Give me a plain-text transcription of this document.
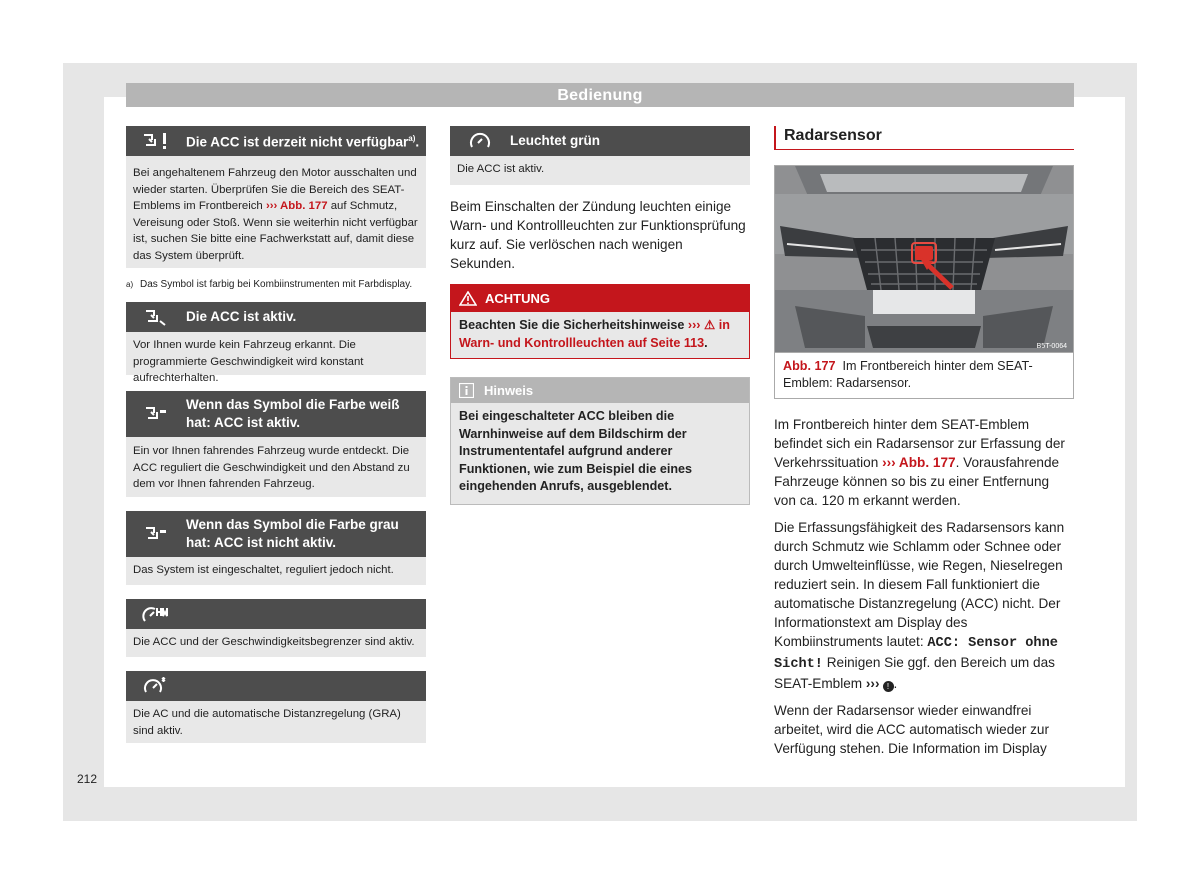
Bedienung
Die ACC ist derzeit nicht verfügbar$^{a)}$.
Bei angehaltenem Fahrzeug den Motor ausschalten und wieder starten. Überprüfen Sie die Bereich des SEAT-Emblems im Frontbereich ››› Abb. 177 auf Schmutz, Vereisung oder Stoß. Wenn sie weiterhin nicht verfügbar ist, suchen Sie bitte eine Fachwerkstatt auf, damit diese das System überprüft.
a) Das Symbol ist farbig bei Kombiinstrumenten mit Farbdisplay.
Die ACC ist aktiv.
Vor Ihnen wurde kein Fahrzeug erkannt. Die programmierte Geschwindigkeit wird konstant aufrechterhalten.
Wenn das Symbol die Farbe weiß hat: ACC ist aktiv.
Ein vor Ihnen fahrendes Fahrzeug wurde entdeckt. Die ACC reguliert die Geschwindigkeit und den Abstand zu dem vor Ihnen fahrenden Fahrzeug.
Wenn das Symbol die Farbe grau hat: ACC ist nicht aktiv.
Das System ist eingeschaltet, reguliert jedoch nicht.
Die ACC und der Geschwindigkeitsbegrenzer sind aktiv.
Die AC und die automatische Distanzregelung (GRA) sind aktiv.
Leuchtet grün
Die ACC ist aktiv.
Beim Einschalten der Zündung leuchten einige Warn- und Kontrollleuchten zur Funktionsprüfung kurz auf. Sie verlöschen nach wenigen Sekunden.
ACHTUNG
Beachten Sie die Sicherheitshinweise ››› ⚠ in Warn- und Kontrollleuchten auf Seite 113.
Hinweis
Bei eingeschalteter ACC bleiben die Warnhinweise auf dem Bildschirm der Instrumententafel aufgrund anderer Funktionen, wie zum Beispiel die eines eingehenden Anrufs, ausgeblendet.
Radarsensor
B5T-0064
Abb. 177 Im Frontbereich hinter dem SEAT-Emblem: Radarsensor.
Im Frontbereich hinter dem SEAT-Emblem befindet sich ein Radarsensor zur Erfassung der Verkehrssituation ››› Abb. 177. Vorausfahrende Fahrzeuge können so bis zu einer Entfernung von ca. 120 m erkannt werden.
Die Erfassungsfähigkeit des Radarsensors kann durch Schmutz wie Schlamm oder Schnee oder durch Umwelteinflüsse, wie Regen, Nieselregen reduziert sein. In diesem Fall funktioniert die automatische Distanzregelung (ACC) nicht. Der Informationstext am Display des Kombiinstruments lautet: ACC: Sensor ohne Sicht! Reinigen Sie ggf. den Bereich um das SEAT-Emblem ››› ! .
Wenn der Radarsensor wieder einwandfrei arbeitet, wird die ACC automatisch wieder zur Verfügung stehen. Die Information im Display
212
